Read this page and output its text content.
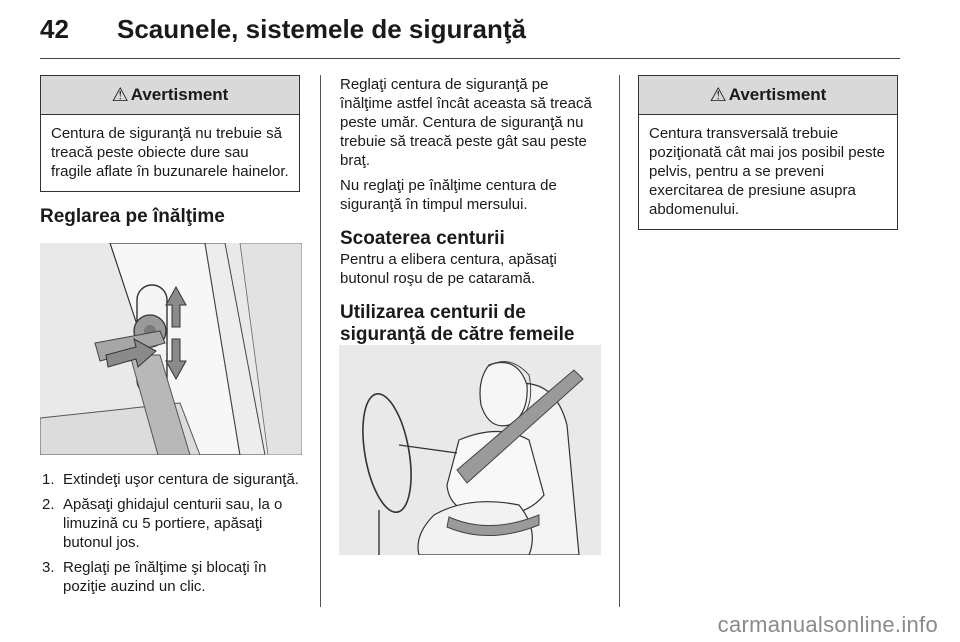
42 Scaunele, sistemele de siguranţă
⚠ Avertisment
Centura de siguranţă nu trebuie să treacă peste obiecte dure sau fragile aflate în buzunarele hainelor.
Reglarea pe înălţime
1. Extindeţi uşor centura de siguranţă.
2. Apăsaţi ghidajul centurii sau, la o limuzină cu 5 portiere, apăsaţi butonul jos.
3. Reglaţi pe înălţime şi blocaţi în poziţie auzind un clic.

Reglaţi centura de siguranţă pe înălţime astfel încât aceasta să treacă peste umăr. Centura de siguranţă nu trebuie să treacă peste gât sau peste braţ.

Nu reglaţi pe înălţime centura de siguranţă în timpul mersului.

Scoaterea centurii

Pentru a elibera centura, apăsaţi butonul roşu de pe cataramă.

Utilizarea centurii de siguranţă de către femeile
⚠ Avertisment
Centura transversală trebuie poziţionată cât mai jos posibil peste pelvis, pentru a se preveni exercitarea de presiune asupra abdomenului.
carmanualsonline.info
